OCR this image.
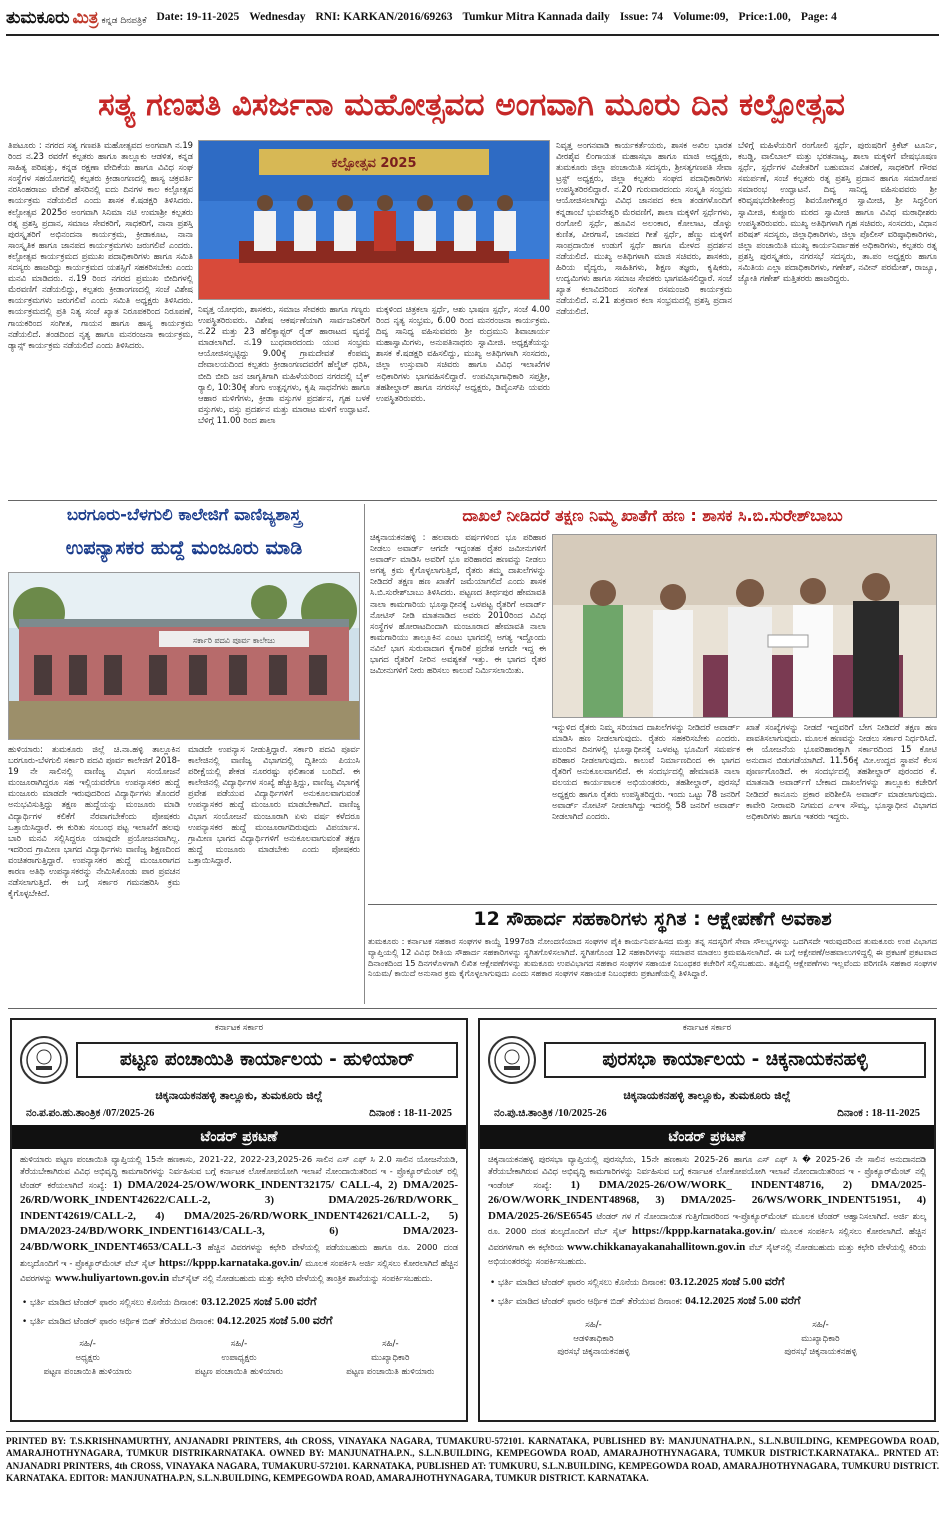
ತುಮಕೂರು ಮಿತ್ರ ಕನ್ನಡ ದಿನಪತ್ರಿಕೆ Date: 19-11-2025 Wednesday RNI: KARKAN/2016/69263 Tumkur Mitra Kannada daily Issue: 74 Volume:09, Price:1.00, Page: 4
ಸತ್ಯ ಗಣಪತಿ ವಿಸರ್ಜನಾ ಮಹೋತ್ಸವದ ಅಂಗವಾಗಿ ಮೂರು ದಿನ ಕಲ್ಪೋತ್ಸವ
ತಿಪಟೂರು : ನಗರದ ಸತ್ಯ ಗಣಪತಿ ಮಹೋತ್ಸವದ ಅಂಗವಾಗಿ ನ.19 ರಿಂದ ನ.23 ರವರೆಗೆ ಕಲ್ಪತರು ಹಾಗೂ ತಾಲ್ಲೂಕು ಆಡಳಿತ, ಕನ್ನಡ ಸಾಹಿತ್ಯ ಪರಿಷತ್ತು, ಕನ್ನಡ ರಕ್ಷಣಾ ವೇದಿಕೆಯ ಹಾಗೂ ವಿವಿಧ ಸಂಘ ಸಂಸ್ಥೆಗಳ ಸಹಯೋಗದಲ್ಲಿ ಕಲ್ಪತರು ಕ್ರೀಡಾಂಗಣದಲ್ಲಿ ಹಾಸ್ಯ ಚಕ್ರವರ್ತಿ ನರಸಿಂಹರಾಜು ವೇದಿಕೆ ಹೆಸರಿನಲ್ಲಿ ಐದು ದಿನಗಳ ಕಾಲ ಕಲ್ಪೋತ್ಸವ ಕಾರ್ಯಕ್ರಮ ನಡೆಯಲಿದೆ ಎಂದು ಶಾಸಕ ಕೆ.ಷಡಕ್ಷರಿ ತಿಳಿಸಿದರು. ಕಲ್ಪೋತ್ಸವ 2025ರ ಅಂಗವಾಗಿ ಸಿನಿಮಾ ನಟಿ ಉಮಾಶ್ರೀ ಕಲ್ಪತರು ರತ್ನ ಪ್ರಶಸ್ತಿ ಪ್ರದಾನ, ಸಮಾಜ ಸೇವಕರಿಗೆ, ಸಾಧಕರಿಗೆ, ನಾನಾ ಪ್ರಶಸ್ತಿ ಪುರಸ್ಕೃತರಿಗೆ ಅಭಿನಂದನಾ ಕಾರ್ಯಕ್ರಮ, ಕ್ರೀಡಾಕೂಟ, ನಾನಾ ಸಾಂಸ್ಕೃತಿಕ ಹಾಗೂ ಜಾನಪದ ಕಾರ್ಯಕ್ರಮಗಳು ಜರುಗಲಿವೆ ಎಂದರು. ಕಲ್ಪೋತ್ಸವ ಕಾರ್ಯಕ್ರಮದ ಪ್ರಮುಖ ಪದಾಧಿಕಾರಿಗಳು ಹಾಗೂ ಸಮಿತಿ ಸದಸ್ಯರು ಹಾಜರಿದ್ದು ಕಾರ್ಯಕ್ರಮದ ಯಶಸ್ಸಿಗೆ ಸಹಕರಿಸಬೇಕು ಎಂದು ಮನವಿ ಮಾಡಿದರು. ನ.19 ರಿಂದ ನಗರದ ಪ್ರಮುಖ ಬೀದಿಗಳಲ್ಲಿ ಮೆರವಣಿಗೆ ನಡೆಯಲಿದ್ದು, ಕಲ್ಪತರು ಕ್ರೀಡಾಂಗಣದಲ್ಲಿ ಸಂಜೆ ವಿಶೇಷ ಕಾರ್ಯಕ್ರಮಗಳು ಜರುಗಲಿವೆ ಎಂದು ಸಮಿತಿ ಅಧ್ಯಕ್ಷರು ತಿಳಿಸಿದರು. ಕಾರ್ಯಕ್ರಮದಲ್ಲಿ ಪ್ರತಿ ನಿತ್ಯ ಸಂಜೆ ಖ್ಯಾತ ನಿರೂಪಕರಿಂದ ನಿರೂಪಣೆ, ಗಾಯಕರಿಂದ ಸಂಗೀತ, ಗಾಯನ ಹಾಗೂ ಹಾಸ್ಯ ಕಾರ್ಯಕ್ರಮ ನಡೆಯಲಿದೆ. ತಂಡದಿಂದ ನೃತ್ಯ ಹಾಗೂ ಮನರಂಜನಾ ಕಾರ್ಯಕ್ರಮ, ಡ್ಯಾನ್ಸ್ ಕಾರ್ಯಕ್ರಮ ನಡೆಯಲಿದೆ ಎಂದು ತಿಳಿಸಿದರು.
ಕಲ್ಪೋತ್ಸವ 2025
ನಿವೃತ್ತ ಯೋಧರು, ಶಾಸಕರು, ಸಮಾಜ ಸೇವಕರು ಹಾಗೂ ಗಣ್ಯರು ಉಪಸ್ಥಿತರಿರುವರು. ವಿಶೇಷ ಆಕರ್ಷಣೆಯಾಗಿ ಸಾರ್ವಜನಿಕರಿಗೆ ನ.22 ಮತ್ತು 23 ಹೆಲಿಕ್ಯಾಪ್ಟರ್ ರೈಡ್ ಹಾರಾಟದ ವ್ಯವಸ್ಥೆ ಮಾಡಲಾಗಿದೆ. ನ.19 ಬುಧವಾರದಂದು ಯುವ ಸಂಭ್ರಮ ಆಯೋಜಿಸಲ್ಪಟ್ಟಿದ್ದು 9.00ಕ್ಕೆ ಗ್ರಾಮದೇವತೆ ಕೆಂಪಮ್ಮ ದೇವಾಲಯದಿಂದ ಕಲ್ಪತರು ಕ್ರೀಡಾಂಗಣದವರೆಗೆ ಹೆಲ್ಮೆಟ್ ಧರಿಸಿ, ಬೀದಿ ಬೀದಿ ಜನ ಜಾಗೃತಿಗಾಗಿ ಮಹಿಳೆಯರಿಂದ ನಗರದಲ್ಲಿ ಬೈಕ್ ರ‍್ಯಾಲಿ, 10:30ಕ್ಕೆ ತೆಂಗು ಉತ್ಪನ್ನಗಳು, ಕೃಷಿ ಸಾಧನೆಗಳು ಹಾಗೂ ಆಹಾರ ಮಳಿಗೆಗಳು, ಕ್ರೀಡಾ ವಸ್ತುಗಳ ಪ್ರದರ್ಶನ, ಗೃಹ ಬಳಕೆ ವಸ್ತುಗಳು, ವಸ್ತು ಪ್ರದರ್ಶನ ಮತ್ತು ಮಾರಾಟ ಮಳಿಗೆ ಉದ್ಘಾಟನೆ. ಬೆಳಿಗ್ಗೆ 11.00 ರಿಂದ ಶಾಲಾ
ಮಕ್ಕಳಿಂದ ಚಿತ್ರಕಲಾ ಸ್ಪರ್ಧೆ, ಆಶು ಭಾಷಣ ಸ್ಪರ್ಧೆ, ಸಂಜೆ 4.00 ರಿಂದ ನೃತ್ಯ ಸಂಭ್ರಮ, 6.00 ರಿಂದ ಮನರಂಜನಾ ಕಾರ್ಯಕ್ರಮ. ದಿವ್ಯ ಸಾನಿಧ್ಯ ವಹಿಸುವವರು ಶ್ರೀ ರುದ್ರಮುನಿ ಶಿವಾಚಾರ್ಯ ಮಹಾಸ್ವಾಮಿಗಳು, ಅನುಪತಿನಾಥರು ಸ್ವಾಮೀಜಿ. ಅಧ್ಯಕ್ಷತೆಯನ್ನು ಶಾಸಕ ಕೆ.ಷಡಕ್ಷರಿ ವಹಿಸಲಿದ್ದು, ಮುಖ್ಯ ಅತಿಥಿಗಳಾಗಿ ಸಂಸದರು, ಜಿಲ್ಲಾ ಉಸ್ತುವಾರಿ ಸಚಿವರು ಹಾಗೂ ವಿವಿಧ ಇಲಾಖೆಗಳ ಅಧಿಕಾರಿಗಳು ಭಾಗವಹಿಸಲಿದ್ದಾರೆ. ಉಪವಿಭಾಗಾಧಿಕಾರಿ ಸಪ್ತಶ್ರೀ, ತಹಶೀಲ್ದಾರ್ ಹಾಗೂ ನಗರಸಭೆ ಅಧ್ಯಕ್ಷರು, ಡಿವೈಎಸ್‍ಪಿ ಯವರು ಉಪಸ್ಥಿತರಿರುವರು.
ನಿವೃತ್ತ ಅಂಗನವಾಡಿ ಕಾರ್ಯಕರ್ತೆಯರು, ಶಾಸಕ ಅಖಿಲ ಭಾರತ ವೀರಶೈವ ಲಿಂಗಾಯತ ಮಹಾಸಭಾ ಹಾಗೂ ಮಾಜಿ ಅಧ್ಯಕ್ಷರು, ತುಮಕೂರು ಜಿಲ್ಲಾ ಪಂಚಾಯಿತಿ ಸದಸ್ಯರು, ಶ್ರೀಸತ್ಯಗಣಪತಿ ಸೇವಾ ಟ್ರಸ್ಟ್ ಅಧ್ಯಕ್ಷರು, ಜಿಲ್ಲಾ ಕಲ್ಪತರು ಸಂಘದ ಪದಾಧಿಕಾರಿಗಳು ಉಪಸ್ಥಿತರಿರಲಿದ್ದಾರೆ. ನ.20 ಗುರುವಾರದಂದು ಸಂಸ್ಕೃತಿ ಸಂಭ್ರಮ ಆಯೋಜಿಸಲಾಗಿದ್ದು ವಿವಿಧ ಜಾನಪದ ಕಲಾ ತಂಡಗಳೊಂದಿಗೆ ಕನ್ನಡಾಂಬೆ ಭುವನೇಶ್ವರಿ ಮೆರವಣಿಗೆ, ಶಾಲಾ ಮಕ್ಕಳಿಗೆ ಸ್ಪರ್ಧೆಗಳು, ರಂಗೋಲಿ ಸ್ಪರ್ಧೆ, ಹೂವಿನ ಅಲಂಕಾರ, ಕೋಲಾಟ, ಡೊಳ್ಳು ಕುಣಿತ, ವೀರಗಾಸೆ, ಜಾನಪದ ಗೀತೆ ಸ್ಪರ್ಧೆ, ಹೆಣ್ಣು ಮಕ್ಕಳಿಗೆ ಸಾಂಪ್ರದಾಯಿಕ ಉಡುಗೆ ಸ್ಪರ್ಧೆ ಹಾಗೂ ಮೇಳದ ಪ್ರದರ್ಶನ ನಡೆಯಲಿದೆ. ಮುಖ್ಯ ಅತಿಥಿಗಳಾಗಿ ಮಾಜಿ ಸಚಿವರು, ಶಾಸಕರು, ಹಿರಿಯ ವೈದ್ಯರು, ಸಾಹಿತಿಗಳು, ಶಿಕ್ಷಣ ತಜ್ಞರು, ಕೃಷಿಕರು, ಉದ್ಯಮಿಗಳು ಹಾಗೂ ಸಮಾಜ ಸೇವಕರು ಭಾಗವಹಿಸಲಿದ್ದಾರೆ. ಸಂಜೆ ಖ್ಯಾತ ಕಲಾವಿದರಿಂದ ಸಂಗೀತ ರಸಮಂಜರಿ ಕಾರ್ಯಕ್ರಮ ನಡೆಯಲಿದೆ. ನ.21 ಶುಕ್ರವಾರ ಕಲಾ ಸಂಭ್ರಮದಲ್ಲಿ ಪ್ರಶಸ್ತಿ ಪ್ರದಾನ ನಡೆಯಲಿದೆ.
ಬೆಳಿಗ್ಗೆ ಮಹಿಳೆಯರಿಗೆ ರಂಗೋಲಿ ಸ್ಪರ್ಧೆ, ಪುರುಷರಿಗೆ ಕ್ರಿಕೆಟ್ ಟೂರ್ನಿ, ಕಬಡ್ಡಿ, ವಾಲಿಬಾಲ್ ಮತ್ತು ಭರತನಾಟ್ಯ, ಶಾಲಾ ಮಕ್ಕಳಿಗೆ ವೇಷಭೂಷಣ ಸ್ಪರ್ಧೆ, ಸ್ಪರ್ಧೆಗಳ ವಿಜೇತರಿಗೆ ಬಹುಮಾನ ವಿತರಣೆ, ಸಾಧಕರಿಗೆ ಗೌರವ ಸಮರ್ಪಣೆ, ಸಂಜೆ ಕಲ್ಪತರು ರತ್ನ ಪ್ರಶಸ್ತಿ ಪ್ರದಾನ ಹಾಗೂ ಸಮಾರೋಪ ಸಮಾರಂಭ ಉದ್ಘಾಟನೆ. ದಿವ್ಯ ಸಾನಿಧ್ಯ ವಹಿಸುವವರು ಶ್ರೀ ಕರಿವೃಷಭದೇಶೀಕೇಂದ್ರ ಶಿವಯೋಗೀಶ್ವರ ಸ್ವಾಮೀಜಿ, ಶ್ರೀ ಸಿದ್ಧಲಿಂಗ ಸ್ವಾಮೀಜಿ, ಕುಪ್ಪೂರು ಮಠದ ಸ್ವಾಮೀಜಿ ಹಾಗೂ ವಿವಿಧ ಮಠಾಧೀಶರು ಉಪಸ್ಥಿತರಿರುವರು. ಮುಖ್ಯ ಅತಿಥಿಗಳಾಗಿ ಗೃಹ ಸಚಿವರು, ಸಂಸದರು, ವಿಧಾನ ಪರಿಷತ್ ಸದಸ್ಯರು, ಜಿಲ್ಲಾಧಿಕಾರಿಗಳು, ಜಿಲ್ಲಾ ಪೊಲೀಸ್ ವರಿಷ್ಠಾಧಿಕಾರಿಗಳು, ಜಿಲ್ಲಾ ಪಂಚಾಯಿತಿ ಮುಖ್ಯ ಕಾರ್ಯನಿರ್ವಾಹಕ ಅಧಿಕಾರಿಗಳು, ಕಲ್ಪತರು ರತ್ನ ಪ್ರಶಸ್ತಿ ಪುರಸ್ಕೃತರು, ನಗರಸಭೆ ಸದಸ್ಯರು, ತಾ.ಪಂ ಅಧ್ಯಕ್ಷರು ಹಾಗೂ ಸಮಿತಿಯ ಎಲ್ಲಾ ಪದಾಧಿಕಾರಿಗಳು, ಗಣೇಶ್, ನವೀನ್ ಪರಮೇಶ್, ರಾಜ್ಯೂ, ಜ್ಯೋತಿ ಗಣೇಶ್ ಮತ್ತಿತರರು ಹಾಜರಿದ್ದರು.
ಬರಗೂರು-ಬೆಳಗುಲಿ ಕಾಲೇಜಿಗೆ ವಾಣಿಜ್ಯಶಾಸ್ತ್ರ
ಉಪನ್ಯಾಸಕರ ಹುದ್ದೆ ಮಂಜೂರು ಮಾಡಿ
ಸರ್ಕಾರಿ ಪದವಿ ಪೂರ್ವ ಕಾಲೇಜು
ಹುಳಿಯಾರು: ತುಮಕೂರು ಜಿಲ್ಲೆ ಚಿ.ನಾ.ಹಳ್ಳಿ ತಾಲ್ಲೂಕಿನ ಬರಗೂರು-ಬೆಳಗುಲಿ ಸರ್ಕಾರಿ ಪದವಿ ಪೂರ್ವ ಕಾಲೇಜಿಗೆ 2018-19 ನೇ ಸಾಲಿನಲ್ಲಿ ವಾಣಿಜ್ಯ ವಿಭಾಗ ಸಂಯೋಜನೆ ಮಂಜೂರಾಗಿದ್ದರೂ ಸಹ ಇಲ್ಲಿಯವರೆಗೂ ಉಪನ್ಯಾಸಕರ ಹುದ್ದೆ ಮಂಜೂರು ಮಾಡದೇ ಇರುವುದರಿಂದ ವಿದ್ಯಾರ್ಥಿಗಳು ತೊಂದರೆ ಅನುಭವಿಸುತ್ತಿದ್ದು ತಕ್ಷಣ ಹುದ್ದೆಯನ್ನು ಮಂಜೂರು ಮಾಡಿ ವಿದ್ಯಾರ್ಥಿಗಳ ಕಲಿಕೆಗೆ ನೆರವಾಗಬೇಕೆಂದು ಪೋಷಕರು ಒತ್ತಾಯಿಸಿದ್ದಾರೆ. ಈ ಕುರಿತು ಸಂಬಂಧ ಪಟ್ಟ ಇಲಾಖೆಗೆ ಹಲವು ಬಾರಿ ಮನವಿ ಸಲ್ಲಿಸಿದ್ದರೂ ಯಾವುದೇ ಪ್ರಯೋಜನವಾಗಿಲ್ಲ. ಇದರಿಂದ ಗ್ರಾಮೀಣ ಭಾಗದ ವಿದ್ಯಾರ್ಥಿಗಳು ವಾಣಿಜ್ಯ ಶಿಕ್ಷಣದಿಂದ ವಂಚಿತರಾಗುತ್ತಿದ್ದಾರೆ. ಉಪನ್ಯಾಸಕರ ಹುದ್ದೆ ಮಂಜೂರಾಗದ ಕಾರಣ ಅತಿಥಿ ಉಪನ್ಯಾಸಕರನ್ನು ನೇಮಿಸಿಕೊಂಡು ಪಾಠ ಪ್ರವಚನ ನಡೆಸಲಾಗುತ್ತಿದೆ. ಈ ಬಗ್ಗೆ ಸರ್ಕಾರ ಗಮನಹರಿಸಿ ಕ್ರಮ ಕೈಗೊಳ್ಳಬೇಕಿದೆ.
ಮಾಡದೇ ಉಪನ್ಯಾಸ ನೀಡುತ್ತಿದ್ದಾರೆ. ಸರ್ಕಾರಿ ಪದವಿ ಪೂರ್ವ ಕಾಲೇಜಿನಲ್ಲಿ ವಾಣಿಜ್ಯ ವಿಭಾಗದಲ್ಲಿ ದ್ವಿತೀಯ ಪಿಯುಸಿ ಪರೀಕ್ಷೆಯಲ್ಲಿ ಶೇಕಡ ನೂರರಷ್ಟು ಫಲಿತಾಂಶ ಬಂದಿದೆ. ಈ ಕಾಲೇಜಿನಲ್ಲಿ ವಿದ್ಯಾರ್ಥಿಗಳ ಸಂಖ್ಯೆ ಹೆಚ್ಚುತ್ತಿದ್ದು, ವಾಣಿಜ್ಯ ವಿಭಾಗಕ್ಕೆ ಪ್ರವೇಶ ಪಡೆಯುವ ವಿದ್ಯಾರ್ಥಿಗಳಿಗೆ ಅನುಕೂಲವಾಗುವಂತೆ ಉಪನ್ಯಾಸಕರ ಹುದ್ದೆ ಮಂಜೂರು ಮಾಡಬೇಕಾಗಿದೆ. ವಾಣಿಜ್ಯ ವಿಭಾಗ ಸಂಯೋಜನೆ ಮಂಜೂರಾಗಿ ಏಳು ವರ್ಷ ಕಳೆದರೂ ಉಪನ್ಯಾಸಕರ ಹುದ್ದೆ ಮಂಜೂರಾಗದಿರುವುದು ವಿಪರ್ಯಾಸ. ಗ್ರಾಮೀಣ ಭಾಗದ ವಿದ್ಯಾರ್ಥಿಗಳಿಗೆ ಅನುಕೂಲವಾಗುವಂತೆ ತಕ್ಷಣ ಹುದ್ದೆ ಮಂಜೂರು ಮಾಡಬೇಕು ಎಂದು ಪೋಷಕರು ಒತ್ತಾಯಿಸಿದ್ದಾರೆ.
ದಾಖಲೆ ನೀಡಿದರೆ ತಕ್ಷಣ ನಿಮ್ಮ ಖಾತೆಗೆ ಹಣ : ಶಾಸಕ ಸಿ.ಬಿ.ಸುರೇಶ್‍ಬಾಬು
ಚಿಕ್ಕನಾಯಕನಹಳ್ಳಿ : ಹಲವಾರು ವರ್ಷಗಳಿಂದ ಭೂ ಪರಿಹಾರ ನೀಡಲು ಅವಾರ್ಡ್ ಆಗದೇ ಇದ್ದಂತಹ ರೈತರ ಜಮೀನುಗಳಿಗೆ ಅವಾರ್ಡ್ ಮಾಡಿಸಿ ಅವರಿಗೆ ಭೂ ಪರಿಹಾರದ ಹಣವನ್ನು ನೀಡಲು ಅಗತ್ಯ ಕ್ರಮ ಕೈಗೊಳ್ಳಲಾಗುತ್ತಿದೆ, ರೈತರು ತಮ್ಮ ದಾಖಲೆಗಳನ್ನು ನೀಡಿದರೆ ತಕ್ಷಣ ಹಣ ಖಾತೆಗೆ ಜಮೆಯಾಗಲಿದೆ ಎಂದು ಶಾಸಕ ಸಿ.ಬಿ.ಸುರೇಶ್‍ಬಾಬು ತಿಳಿಸಿದರು. ಪಟ್ಟಣದ ತೀರ್ಥಪುರ ಹೇಮಾವತಿ ನಾಲಾ ಕಾಮಗಾರಿಯ ಭೂಸ್ವಾಧೀನಕ್ಕೆ ಒಳಪಟ್ಟ ರೈತರಿಗೆ ಅವಾರ್ಡ್ ನೋಟಿಸ್ ನೀಡಿ ಮಾತನಾಡಿದ ಅವರು 2010ರಿಂದ ವಿವಿಧ ಸಂಸ್ಥೆಗಳ ಹೋರಾಟದಿಂದಾಗಿ ಮಂಜೂರಾದ ಹೇಮಾವತಿ ನಾಲಾ ಕಾಮಗಾರಿಯು ತಾಲ್ಲೂಕಿನ ಎಂಟು ಭಾಗದಲ್ಲಿ ಅಗತ್ಯ ಇದ್ದೊಂದು ನವಿಲೆ ಭಾಗ ಸುರುವಾದಾಗ ಕೈಗಾರಿಕೆ ಪ್ರದೇಶ ಆಗದೇ ಇದ್ದ ಈ ಭಾಗದ ರೈತರಿಗೆ ನೀರಿನ ಅವಶ್ಯಕತೆ ಇತ್ತು. ಈ ಭಾಗದ ರೈತರ ಜಮೀನುಗಳಿಗೆ ನೀರು ಹರಿಸಲು ಕಾಲುವೆ ನಿರ್ಮಿಸಲಾಯಿತು.
ಇನ್ನುಳಿದ ರೈತರು ನಿಮ್ಮ ಸರಿಯಾದ ದಾಖಲೆಗಳನ್ನು ನೀಡಿದರೆ ಅವಾರ್ಡ್ ಮಾಡಿಸಿ ಹಣ ನೀಡಲಾಗುವುದು. ರೈತರು ಸಹಕರಿಸಬೇಕು ಎಂದರು. ಮುಂದಿನ ದಿನಗಳಲ್ಲಿ ಭೂಸ್ವಾಧೀನಕ್ಕೆ ಒಳಪಟ್ಟ ಭೂಮಿಗೆ ಸಮರ್ಪಕ ಪರಿಹಾರ ನೀಡಲಾಗುವುದು. ಕಾಲುವೆ ನಿರ್ಮಾಣದಿಂದ ಈ ಭಾಗದ ರೈತರಿಗೆ ಅನುಕೂಲವಾಗಲಿದೆ. ಈ ಸಂದರ್ಭದಲ್ಲಿ ಹೇಮಾವತಿ ನಾಲಾ ವಲಯದ ಕಾರ್ಯಪಾಲಕ ಅಭಿಯಂತರರು, ತಹಶೀಲ್ದಾರ್, ಪುರಸಭೆ ಅಧ್ಯಕ್ಷರು ಹಾಗೂ ರೈತರು ಉಪಸ್ಥಿತರಿದ್ದರು. ಇಂದು ಒಟ್ಟು 78 ಜನರಿಗೆ ಅವಾರ್ಡ್ ನೋಟಿಸ್ ನೀಡಲಾಗಿದ್ದು ಇದರಲ್ಲಿ 58 ಜನರಿಗೆ ಅವಾರ್ಡ್ ನೀಡಲಾಗಿದೆ ಎಂದರು.
ಖಾತೆ ಸಂಖ್ಯೆಗಳನ್ನು ನೀಡದೆ ಇದ್ದವರಿಗೆ ಬೇಗ ನೀಡಿದರೆ ತಕ್ಷಣ ಹಣ ಪಾವತಿಸಲಾಗುವುದು. ಮೂಲಕ ಹಣವನ್ನು ನೀಡಲು ಸರ್ಕಾರ ನಿರ್ಧರಿಸಿದೆ. ಈ ಯೋಜನೆಯ ಭೂಪರಿಹಾರಕ್ಕಾಗಿ ಸರ್ಕಾರದಿಂದ 15 ಕೋಟಿ ಅನುದಾನ ಬಿಡುಗಡೆಯಾಗಿದೆ. 11.56ಕ್ಕೆ ಮೀ.ಉದ್ದದ ಸ್ಥಾಪನೆ ಕೆಲಸ ಪೂರ್ಣಗೊಂಡಿದೆ. ಈ ಸಂದರ್ಭದಲ್ಲಿ ತಹಶೀಲ್ದಾರ್ ಪುರಂದರ ಕೆ. ಮಾತನಾಡಿ ಅವಾರ್ಡ್‌ಗೆ ಬೇಕಾದ ದಾಖಲೆಗಳನ್ನು ತಾಲ್ಲೂಕು ಕಚೇರಿಗೆ ನೀಡಿದರೆ ಕಾನೂನು ಪ್ರಕಾರ ಪರಿಶೀಲಿಸಿ ಅವಾರ್ಡ್ ಮಾಡಲಾಗುವುದು. ಕಾವೇರಿ ನೀರಾವರಿ ನಿಗಮದ ಎಇಇ ಸೌಮ್ಯ, ಭೂಸ್ವಾಧೀನ ವಿಭಾಗದ ಅಧಿಕಾರಿಗಳು ಹಾಗೂ ಇತರರು ಇದ್ದರು.
12 ಸೌಹಾರ್ದ ಸಹಕಾರಿಗಳು ಸ್ಥಗಿತ : ಆಕ್ಷೇಪಣೆಗೆ ಅವಕಾಶ
ತುಮಕೂರು : ಕರ್ನಾಟಕ ಸಹಕಾರ ಸಂಘಗಳ ಕಾಯ್ದೆ 1997ರಡಿ ನೋಂದಣಿಯಾದ ಸಂಘಗಳ ಪೈಕಿ ಕಾರ್ಯನಿರ್ವಹಿಸದ ಮತ್ತು ತನ್ನ ಸದಸ್ಯರಿಗೆ ಸೇವಾ ಸೌಲಭ್ಯಗಳನ್ನು ಒದಗಿಸದೇ ಇರುವುದರಿಂದ ತುಮಕೂರು ಉಪ ವಿಭಾಗದ ವ್ಯಾಪ್ತಿಯಲ್ಲಿ 12 ವಿವಿಧ ರೀತಿಯ ಸೌಹಾರ್ದ ಸಹಕಾರಿಗಳನ್ನು ಸ್ಥಗಿತಗೊಳಿಸಲಾಗಿದೆ. ಸ್ಥಗಿತಗೊಂಡ 12 ಸಹಕಾರಿಗಳನ್ನು ಸಮಾಪನ ಮಾಡಲು ಕ್ರಮವಹಿಸಲಾಗಿದೆ. ಈ ಬಗ್ಗೆ ಆಕ್ಷೇಪಣೆ/ಅಹವಾಲುಗಳಿದ್ದಲ್ಲಿ ಈ ಪ್ರಕಟಣೆ ಪ್ರಕಟವಾದ ದಿನಾಂಕದಿಂದ 15 ದಿನಗಳೊಳಗಾಗಿ ಲಿಖಿತ ಆಕ್ಷೇಪಣೆಗಳನ್ನು ತುಮಕೂರು ಉಪವಿಭಾಗದ ಸಹಕಾರ ಸಂಘಗಳ ಸಹಾಯಕ ನಿಬಂಧಕರ ಕಚೇರಿಗೆ ಸಲ್ಲಿಸಬಹುದು. ತಪ್ಪಿದಲ್ಲಿ ಆಕ್ಷೇಪಣೆಗಳು ಇಲ್ಲವೆಂದು ಪರಿಗಣಿಸಿ ಸಹಕಾರ ಸಂಘಗಳ ನಿಯಮ/ ಕಾಯಿದೆ ಅನುಸಾರ ಕ್ರಮ ಕೈಗೊಳ್ಳಲಾಗುವುದು ಎಂದು ಸಹಕಾರ ಸಂಘಗಳ ಸಹಾಯಕ ನಿಬಂಧಕರು ಪ್ರಕಟಣೆಯಲ್ಲಿ ತಿಳಿಸಿದ್ದಾರೆ.
ಕರ್ನಾಟಕ ಸರ್ಕಾರ
ಪಟ್ಟಣ ಪಂಚಾಯಿತಿ ಕಾರ್ಯಾಲಯ - ಹುಳಿಯಾರ್
ಚಿಕ್ಕನಾಯಕನಹಳ್ಳಿ ತಾಲ್ಲೂಕು, ತುಮಕೂರು ಜಿಲ್ಲೆ
ನಂ.ಪ.ಪಂ.ಹು.ತಾಂತ್ರಿಕ /07/2025-26	ದಿನಾಂಕ : 18-11-2025
ಟೆಂಡರ್ ಪ್ರಕಟಣೆ
ಹುಳಿಯಾರು ಪಟ್ಟಣ ಪಂಚಾಯಿತಿ ವ್ಯಾಪ್ತಿಯಲ್ಲಿ 15ನೇ ಹಣಕಾಸು, 2021-22, 2022-23,2025-26 ಸಾಲಿನ ಎಸ್ ಎಫ್ ಸಿ 2.0 ಸಾಲಿನ ಯೋಜನೆಯಡಿ, ತೆರೆಯಬೇಕಾಗಿರುವ ವಿವಿಧ ಅಭಿವೃದ್ಧಿ ಕಾಮಗಾರಿಗಳನ್ನು ನಿರ್ವಹಿಸುವ ಬಗ್ಗೆ ಕರ್ನಾಟಕ ಲೋಕೋಪಯೋಗಿ ಇಲಾಖೆ ನೋಂದಾಯಿತರಿಂದ ಇ - ಪ್ರೊಕ್ಯೂರ್‌ಮೆಂಟ್ ರಲ್ಲಿ ಟೆಂಡರ್ ಕರೆಯಲಾಗಿದೆ ಸಂಖ್ಯೆ: 1) DMA/2024-25/OW/WORK_INDENT32175/ CALL-4, 2) DMA/2025-26/RD/WORK_INDENT42622/CALL-2, 3) DMA/2025-26/RD/WORK_ INDENT42619/CALL-2, 4) DMA/2025-26/RD/WORK_INDENT42621/CALL-2, 5) DMA/2023-24/BD/WORK_INDENT16143/CALL-3, 6) DMA/2023-24/BD/WORK_INDENT4653/CALL-3 ಹೆಚ್ಚಿನ ವಿವರಗಳನ್ನು ಕಛೇರಿ ವೇಳೆಯಲ್ಲಿ ಪಡೆಯಬಹುದು ಹಾಗೂ ರೂ. 2000 ದಂಡ ಶುಲ್ಕದೊಂದಿಗೆ ಇ - ಪ್ರೊಕ್ಯೂರ್‌ಮೆಂಟ್ ವೆಬ್ ಸೈಟ್ https://kppp.karnataka.gov.in/ ಮೂಲಕ ಸಂಪರ್ಕಿಸಿ ಅರ್ಜಿ ಸಲ್ಲಿಸಲು ಕೋರಲಾಗಿದೆ ಹೆಚ್ಚಿನ ವಿವರಗಳನ್ನು www.huliyartown.gov.in ವೆಬ್‌ಸೈಟ್ ನಲ್ಲಿ ನೋಡಬಹುದು ಮತ್ತು ಕಛೇರಿ ವೇಳೆಯಲ್ಲಿ ತಾಂತ್ರಿಕ ಶಾಖೆಯನ್ನು ಸಂಪರ್ಕಿಸಬಹುದು.
• ಭರ್ತಿ ಮಾಡಿದ ಟೆಂಡರ್ ಫಾರಂ ಸಲ್ಲಿಸಲು ಕೊನೆಯ ದಿನಾಂಕ: 03.12.2025 ಸಂಜೆ 5.00 ವರೆಗೆ
• ಭರ್ತಿ ಮಾಡಿದ ಟೆಂಡರ್ ಫಾರಂ ಆರ್ಥಿಕ ಬಿಡ್ ತೆರೆಯುವ ದಿನಾಂಕ: 04.12.2025 ಸಂಜೆ 5.00 ವರೆಗೆ
ಸಹಿ/-
ಅಧ್ಯಕ್ಷರು
ಪಟ್ಟಣ ಪಂಚಾಯಿತಿ ಹುಳಿಯಾರು
ಸಹಿ/-
ಉಪಾಧ್ಯಕ್ಷರು
ಪಟ್ಟಣ ಪಂಚಾಯಿತಿ ಹುಳಿಯಾರು
ಸಹಿ/-
ಮುಖ್ಯಾಧಿಕಾರಿ
ಪಟ್ಟಣ ಪಂಚಾಯಿತಿ ಹುಳಿಯಾರು
ಕರ್ನಾಟಕ ಸರ್ಕಾರ
ಪುರಸಭಾ ಕಾರ್ಯಾಲಯ - ಚಿಕ್ಕನಾಯಕನಹಳ್ಳಿ
ಚಿಕ್ಕನಾಯಕನಹಳ್ಳಿ ತಾಲ್ಲೂಕು, ತುಮಕೂರು ಜಿಲ್ಲೆ
ನಂ.ಪು.ಚಿ.ತಾಂತ್ರಿಕ /10/2025-26	ದಿನಾಂಕ : 18-11-2025
ಟೆಂಡರ್ ಪ್ರಕಟಣೆ
ಚಿಕ್ಕನಾಯಕನಹಳ್ಳಿ ಪುರಸಭಾ ವ್ಯಾಪ್ತಿಯಲ್ಲಿ ಪುರಸಭೆಯ, 15ನೇ ಹಣಕಾಸು 2025-26 ಹಾಗೂ ಎಸ್ ಎಫ್ ಸಿ � 2025-26 ನೇ ಸಾಲಿನ ಅನುದಾನದಡಿ ತೆರೆಯಬೇಕಾಗಿರುವ ವಿವಿಧ ಅಭಿವೃದ್ಧಿ ಕಾಮಗಾರಿಗಳನ್ನು ನಿರ್ವಹಿಸುವ ಬಗ್ಗೆ ಕರ್ನಾಟಕ ಲೋಕೋಪಯೋಗಿ ಇಲಾಖೆ ನೋಂದಾಯಿತರಿಂದ ಇ - ಪ್ರೊಕ್ಯೂರ್‌ಮೆಂಟ್ ನಲ್ಲಿ ಇಂಡೆಂಟ್ ಸಂಖ್ಯೆ: 1) DMA/2025-26/OW/WORK_ INDENT48716, 2) DMA/2025-26/OW/WORK_INDENT48968, 3) DMA/2025- 26/WS/WORK_INDENT51951, 4) DMA/2025-26/SE6545 ಟೆಂಡರ್ ಗಳ ಗೆ ನೋಂದಾಯಿತ ಗುತ್ತಿಗೆದಾರರಿಂದ ಇ-ಪ್ರೊಕ್ಯೂರ್‌ಮೆಂಟ್ ಮೂಲಕ ಟೆಂಡರ್ ಆಹ್ವಾನಿಸಲಾಗಿದೆ. ಅರ್ಜಿ ಶುಲ್ಕ ರೂ. 2000 ದಂಡ ಶುಲ್ಕದೊಂದಿಗೆ ವೆಬ್ ಸೈಟ್ https://kppp.karnataka.gov.in/ ಮೂಲಕ ಸಂಪರ್ಕಿಸಿ ಸಲ್ಲಿಸಲು ಕೋರಲಾಗಿದೆ. ಹೆಚ್ಚಿನ ವಿವರಗಳಿಗಾಗಿ ಈ ಕಛೇರಿಯ www.chikkanayakanahallitown.gov.in ವೆಬ್ ಸೈಟ್‌ನಲ್ಲಿ ನೋಡಬಹುದು ಮತ್ತು ಕಛೇರಿ ವೇಳೆಯಲ್ಲಿ ಕಿರಿಯ ಅಭಿಯಂತರರನ್ನು ಸಂಪರ್ಕಿಸಬಹುದು.
• ಭರ್ತಿ ಮಾಡಿದ ಟೆಂಡರ್ ಫಾರಂ ಸಲ್ಲಿಸಲು ಕೊನೆಯ ದಿನಾಂಕ: 03.12.2025 ಸಂಜೆ 5.00 ವರೆಗೆ
• ಭರ್ತಿ ಮಾಡಿದ ಟೆಂಡರ್ ಫಾರಂ ಆರ್ಥಿಕ ಬಿಡ್ ತೆರೆಯುವ ದಿನಾಂಕ: 04.12.2025 ಸಂಜೆ 5.00 ವರೆಗೆ
ಸಹಿ/-
ಆಡಳಿತಾಧಿಕಾರಿ
ಪುರಸಭೆ ಚಿಕ್ಕನಾಯಕನಹಳ್ಳಿ
ಸಹಿ/-
ಮುಖ್ಯಾಧಿಕಾರಿ
ಪುರಸಭೆ ಚಿಕ್ಕನಾಯಕನಹಳ್ಳಿ
PRINTED BY: T.S.KRISHNAMURTHY, ANJANADRI PRINTERS, 4th CROSS, VINAYAKA NAGARA, TUMAKURU-572101. KARNATAKA, PUBLISHED BY: MANJUNATHA.P.N., S.L.N.BUILDING, KEMPEGOWDA ROAD, AMARAJHOTHYNAGARA, TUMKUR DISTRIKARNATAKA. OWNED BY: MANJUNATHA.P.N., S.L.N.BUILDING, KEMPEGOWDA ROAD, AMARAJHOTHYNAGARA, TUMKUR DISTRICT.KARNATAKA.. PRNTED AT: ANJANADRI PRINTERS, 4th CROSS, VINAYAKA NAGARA, TUMAKURU-572101. KARNATAKA, PUBLISHED AT: TUMKURU, S.L.N.BUILDING, KEMPEGOWDA ROAD, AMARAJHOTHYNAGARA, TUMKURU DISTRICT. KARNATAKA. EDITOR: MANJUNATHA.P.N, S.L.N.BUILDING, KEMPEGOWDA ROAD, AMARAJHOTHYNAGARA, TUMKUR DISTRICT. KARNATAKA.
